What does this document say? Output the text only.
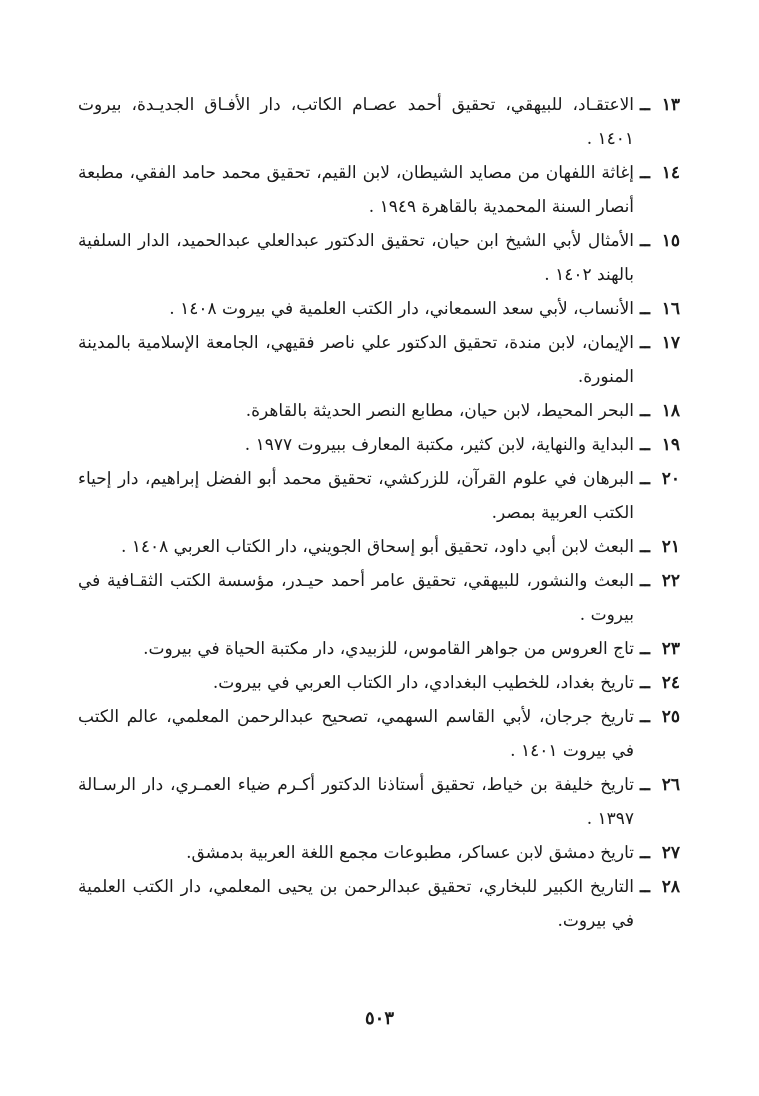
١٣
ــ
الاعتقـاد، للبيهقي، تحقيق أحمد عصـام الكاتب، دار الأفـاق الجديـدة، بيروت ١٤٠١ .
١٤
ــ
إغاثة اللفهان من مصايد الشيطان، لابن القيم، تحقيق محمد حامد الفقي، مطبعة أنصار السنة المحمدية بالقاهرة ١٩٤٩ .
١٥
ــ
الأمثال لأبي الشيخ ابن حيان، تحقيق الدكتور عبدالعلي عبدالحميد، الدار السلفية بالهند ١٤٠٢ .
١٦
ــ
الأنساب، لأبي سعد السمعاني، دار الكتب العلمية في بيروت ١٤٠٨ .
١٧
ــ
الإيمان، لابن مندة، تحقيق الدكتور علي ناصر فقيهي، الجامعة الإسلامية بالمدينة المنورة.
١٨
ــ
البحر المحيط، لابن حيان، مطابع النصر الحديثة بالقاهرة.
١٩
ــ
البداية والنهاية، لابن كثير، مكتبة المعارف ببيروت ١٩٧٧ .
٢٠
ــ
البرهان في علوم القرآن، للزركشي، تحقيق محمد أبو الفضل إبراهيم، دار إحياء الكتب العربية بمصر.
٢١
ــ
البعث لابن أبي داود، تحقيق أبو إسحاق الجويني، دار الكتاب العربي ١٤٠٨ .
٢٢
ــ
البعث والنشور، للبيهقي، تحقيق عامر أحمد حيـدر، مؤسسة الكتب الثقـافية في بيروت .
٢٣
ــ
تاج العروس من جواهر القاموس، للزبيدي، دار مكتبة الحياة في بيروت.
٢٤
ــ
تاريخ بغداد، للخطيب البغدادي، دار الكتاب العربي في بيروت.
٢٥
ــ
تاريخ جرجان، لأبي القاسم السهمي، تصحيح عبدالرحمن المعلمي، عالم الكتب في بيروت ١٤٠١ .
٢٦
ــ
تاريخ خليفة بن خياط، تحقيق أستاذنا الدكتور أكـرم ضياء العمـري، دار الرسـالة ١٣٩٧ .
٢٧
ــ
تاريخ دمشق لابن عساكر، مطبوعات مجمع اللغة العربية بدمشق.
٢٨
ــ
التاريخ الكبير للبخاري، تحقيق عبدالرحمن بن يحيى المعلمي، دار الكتب العلمية في بيروت.
٥٠٣
